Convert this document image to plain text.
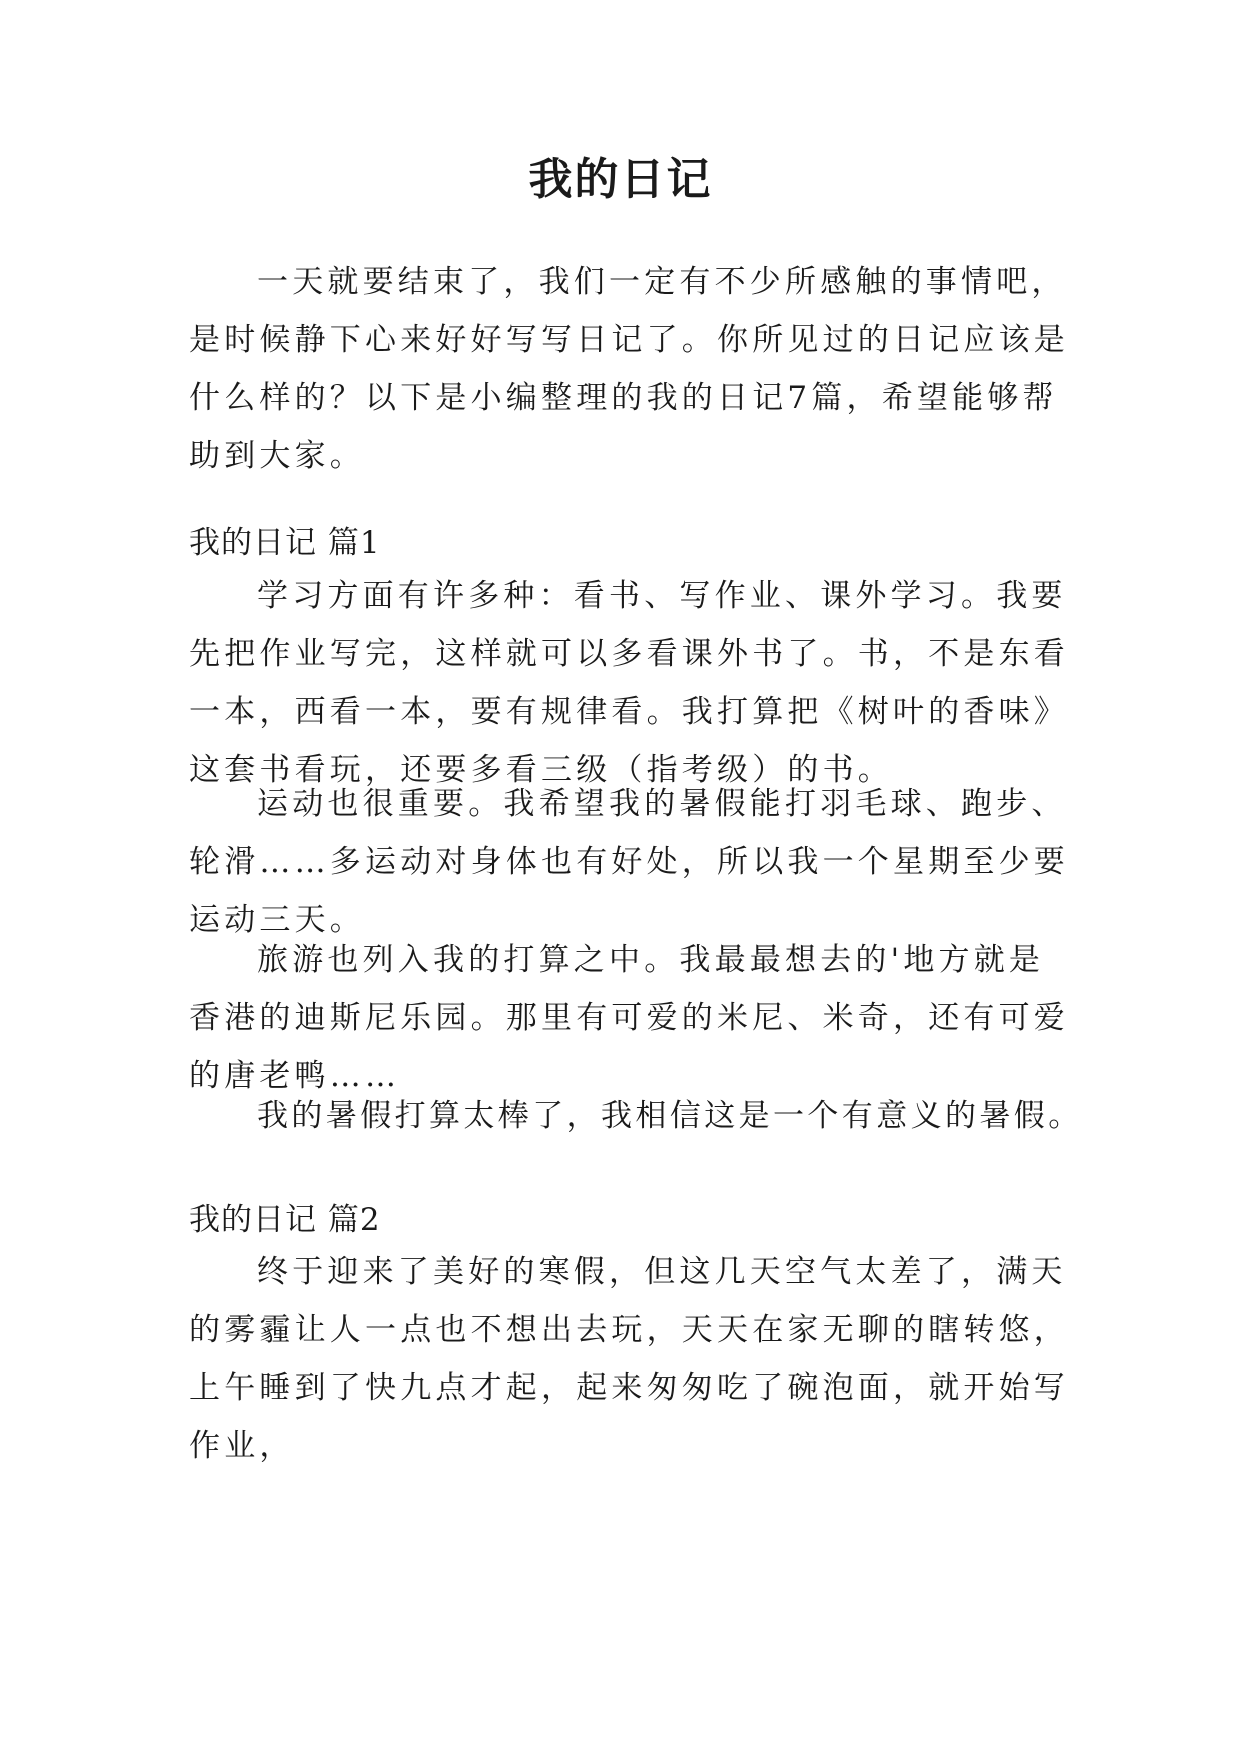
我的日记

一天就要结束了，我们一定有不少所感触的事情吧，是时候静下心来好好写写日记了。你所见过的日记应该是什么样的？以下是小编整理的我的日记7篇，希望能够帮助到大家。

我的日记 篇1

学习方面有许多种：看书、写作业、课外学习。我要先把作业写完，这样就可以多看课外书了。书，不是东看一本，西看一本，要有规律看。我打算把《树叶的香味》这套书看玩，还要多看三级（指考级）的书。

运动也很重要。我希望我的暑假能打羽毛球、跑步、轮滑……多运动对身体也有好处，所以我一个星期至少要运动三天。

旅游也列入我的打算之中。我最最想去的'地方就是香港的迪斯尼乐园。那里有可爱的米尼、米奇，还有可爱的唐老鸭……

我的暑假打算太棒了，我相信这是一个有意义的暑假。

我的日记 篇2

终于迎来了美好的寒假，但这几天空气太差了，满天的雾霾让人一点也不想出去玩，天天在家无聊的瞎转悠，上午睡到了快九点才起，起来匆匆吃了碗泡面，就开始写作业，
